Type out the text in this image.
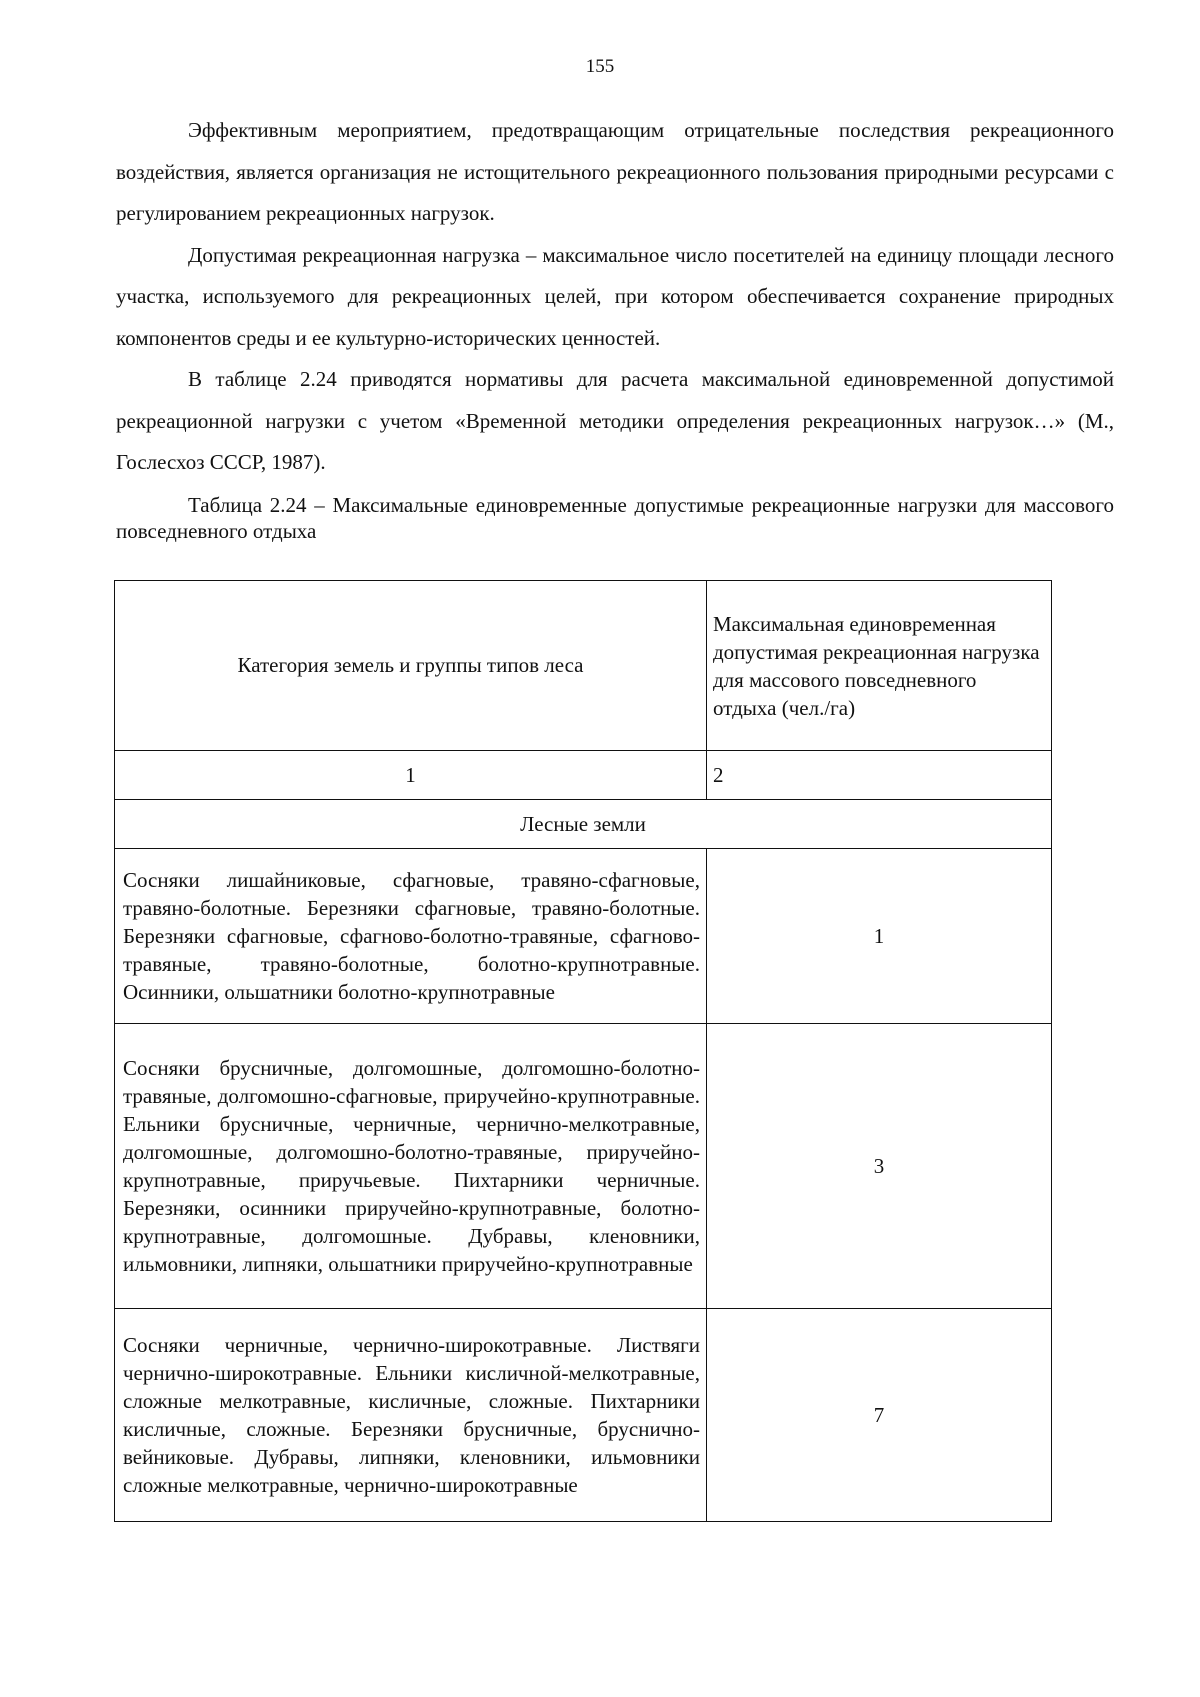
155

Эффективным мероприятием, предотвращающим отрицательные последствия рекреационного воздействия, является организация не истощительного рекреационного пользования природными ресурсами с регулированием рекреационных нагрузок.

Допустимая рекреационная нагрузка – максимальное число посетителей на единицу площади лесного участка, используемого для рекреационных целей, при котором обеспечивается сохранение природных компонентов среды и ее культурно-исторических ценностей.

В таблице 2.24 приводятся нормативы для расчета максимальной единовременной допустимой рекреационной нагрузки с учетом «Временной методики определения рекреационных нагрузок…» (М., Гослесхоз СССР, 1987).

Таблица 2.24 – Максимальные единовременные допустимые рекреационные нагрузки для массового повседневного отдыха

Категория земель и группы типов леса	Максимальная единовременная допустимая рекреационная нагрузка для массового повседневного отдыха (чел./га)
1	2
Лесные земли	
Сосняки лишайниковые, сфагновые, травяно-сфагновые, травяно-болотные. Березняки сфагновые, травяно-болотные. Березняки сфагновые, сфагново-болотно-травяные, сфагново-травяные, травяно-болотные, болотно-крупнотравные. Осинники, ольшатники болотно-крупнотравные	1
Сосняки брусничные, долгомошные, долгомошно-болотно-травяные, долгомошно-сфагновые, приручейно-крупнотравные. Ельники брусничные, черничные, чернично-мелкотравные, долгомошные, долгомошно-болотно-травяные, приручейно-крупнотравные, приручьевые. Пихтарники черничные. Березняки, осинники приручейно-крупнотравные, болотно-крупнотравные, долгомошные. Дубравы, кленовники, ильмовники, липняки, ольшатники приручейно-крупнотравные	3
Сосняки черничные, чернично-широкотравные. Листвяги чернично-широкотравные. Ельники кисличной-мелкотравные, сложные мелкотравные, кисличные, сложные. Пихтарники кисличные, сложные. Березняки брусничные, бруснично-вейниковые. Дубравы, липняки, кленовники, ильмовники сложные мелкотравные, чернично-широкотравные	7
